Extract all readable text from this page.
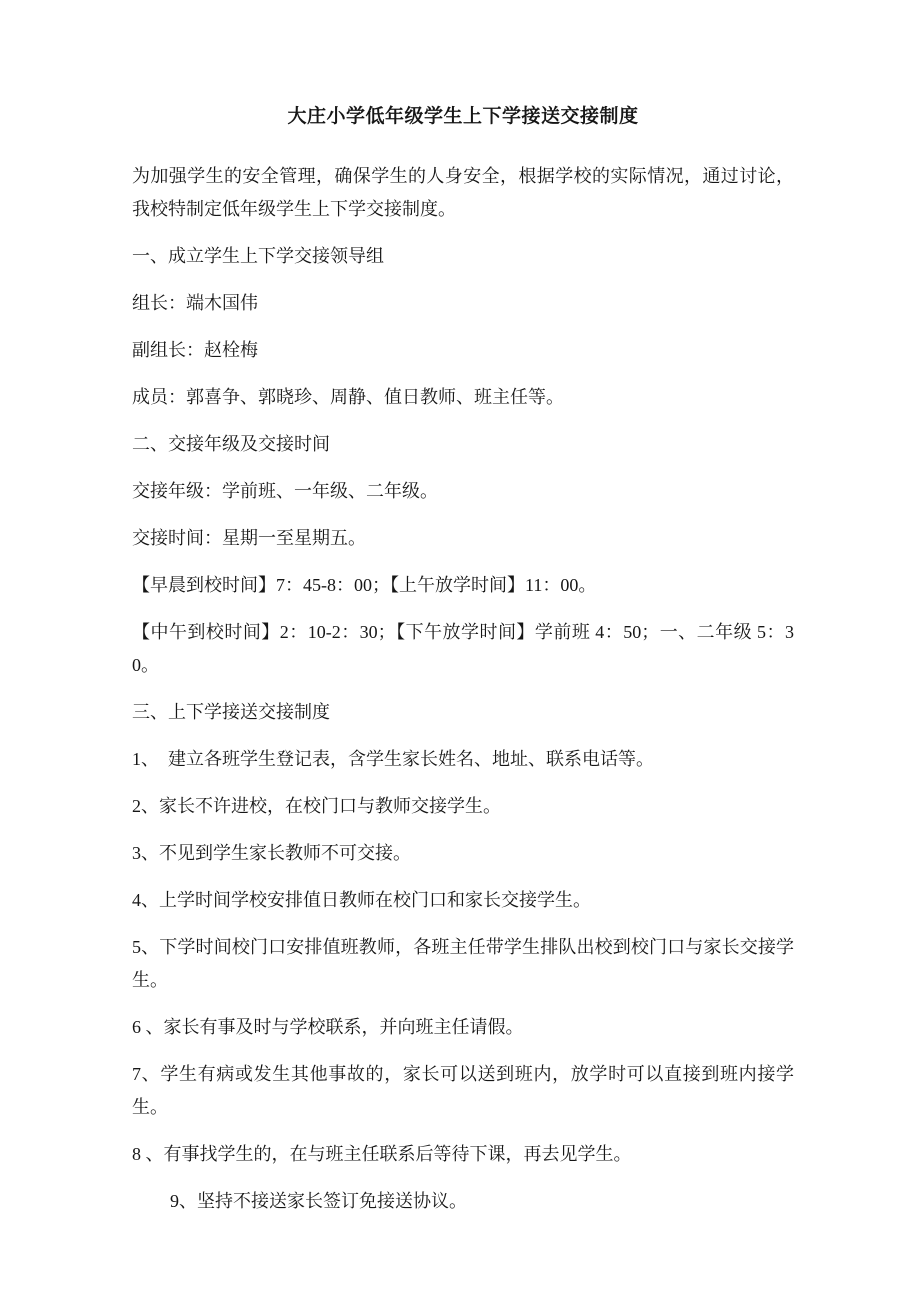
大庄小学低年级学生上下学接送交接制度

为加强学生的安全管理，确保学生的人身安全，根据学校的实际情况，通过讨论，我校特制定低年级学生上下学交接制度。

一、成立学生上下学交接领导组

组长：端木国伟

副组长：赵栓梅

成员：郭喜争、郭晓珍、周静、值日教师、班主任等。

二、交接年级及交接时间

交接年级：学前班、一年级、二年级。

交接时间：星期一至星期五。

【早晨到校时间】7：45-8：00；【上午放学时间】11：00。

【中午到校时间】2：10-2：30；【下午放学时间】学前班 4：50；一、二年级 5：30。

三、上下学接送交接制度

1、　建立各班学生登记表，含学生家长姓名、地址、联系电话等。

2、家长不许进校，在校门口与教师交接学生。

3、不见到学生家长教师不可交接。

4、上学时间学校安排值日教师在校门口和家长交接学生。

5、下学时间校门口安排值班教师，各班主任带学生排队出校到校门口与家长交接学生。

6 、家长有事及时与学校联系，并向班主任请假。

7、学生有病或发生其他事故的，家长可以送到班内，放学时可以直接到班内接学生。

8 、有事找学生的，在与班主任联系后等待下课，再去见学生。

9、坚持不接送家长签订免接送协议。
